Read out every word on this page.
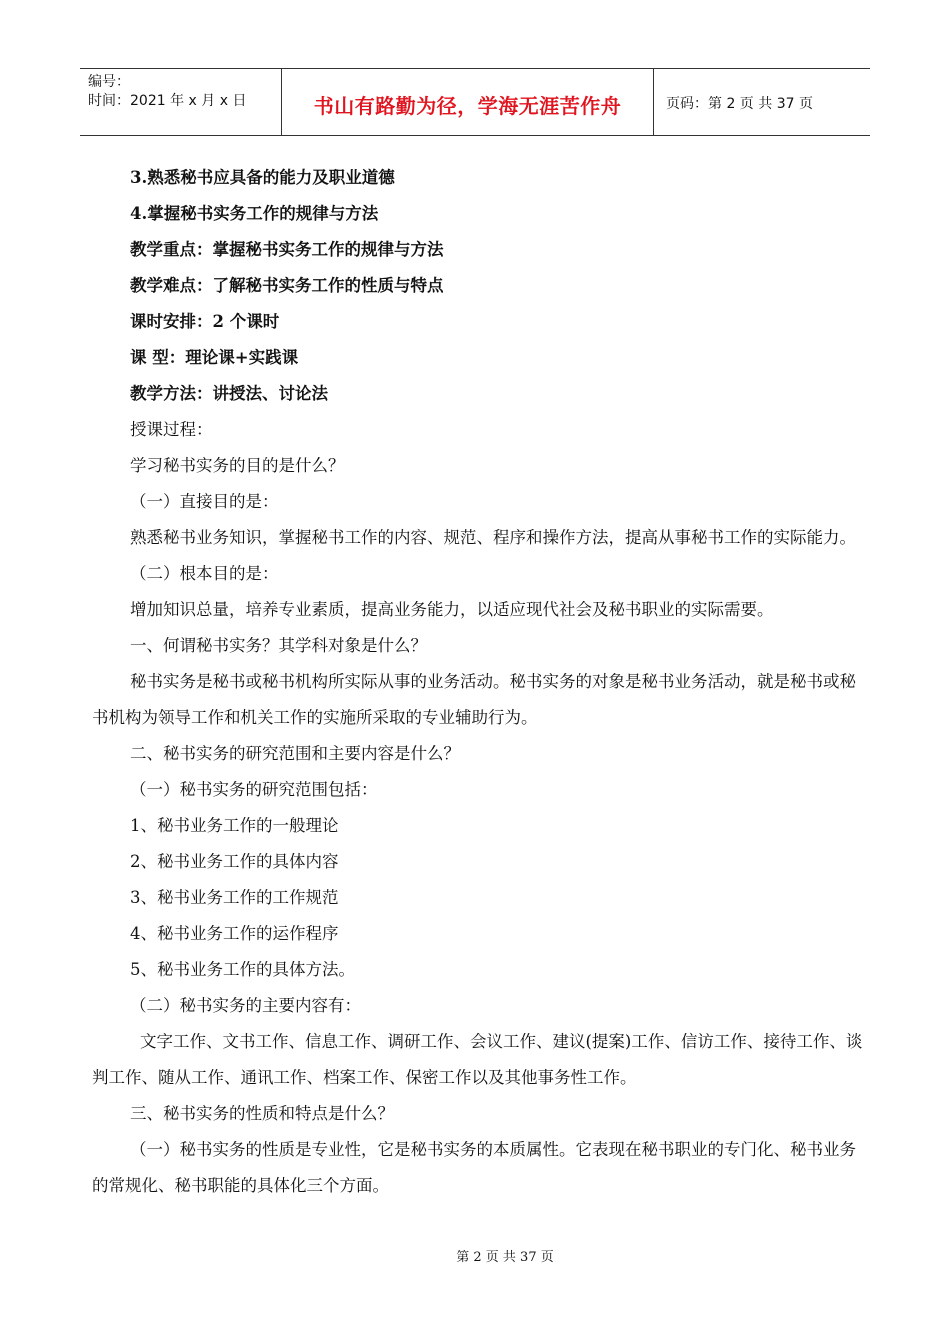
编号：
时间：2021 年 x 月 x 日	书山有路勤为径，学海无涯苦作舟	页码：第 2 页 共 37 页
3.熟悉秘书应具备的能力及职业道德
4.掌握秘书实务工作的规律与方法
教学重点：掌握秘书实务工作的规律与方法
教学难点：了解秘书实务工作的性质与特点
课时安排：2 个课时
课 型：理论课+实践课
教学方法：讲授法、讨论法
授课过程：
学习秘书实务的目的是什么？
（一）直接目的是：
熟悉秘书业务知识，掌握秘书工作的内容、规范、程序和操作方法，提高从事秘书工作的实际能力。
（二）根本目的是：
增加知识总量，培养专业素质，提高业务能力，以适应现代社会及秘书职业的实际需要。
一、何谓秘书实务？其学科对象是什么？
秘书实务是秘书或秘书机构所实际从事的业务活动。秘书实务的对象是秘书业务活动，就是秘书或秘书机构为领导工作和机关工作的实施所采取的专业辅助行为。
二、秘书实务的研究范围和主要内容是什么？
（一）秘书实务的研究范围包括：
1、秘书业务工作的一般理论
2、秘书业务工作的具体内容
3、秘书业务工作的工作规范
4、秘书业务工作的运作程序
5、秘书业务工作的具体方法。
（二）秘书实务的主要内容有：
文字工作、文书工作、信息工作、调研工作、会议工作、建议(提案)工作、信访工作、接待工作、谈判工作、随从工作、通讯工作、档案工作、保密工作以及其他事务性工作。
三、秘书实务的性质和特点是什么？
（一）秘书实务的性质是专业性，它是秘书实务的本质属性。它表现在秘书职业的专门化、秘书业务的常规化、秘书职能的具体化三个方面。
第 2 页 共 37 页
